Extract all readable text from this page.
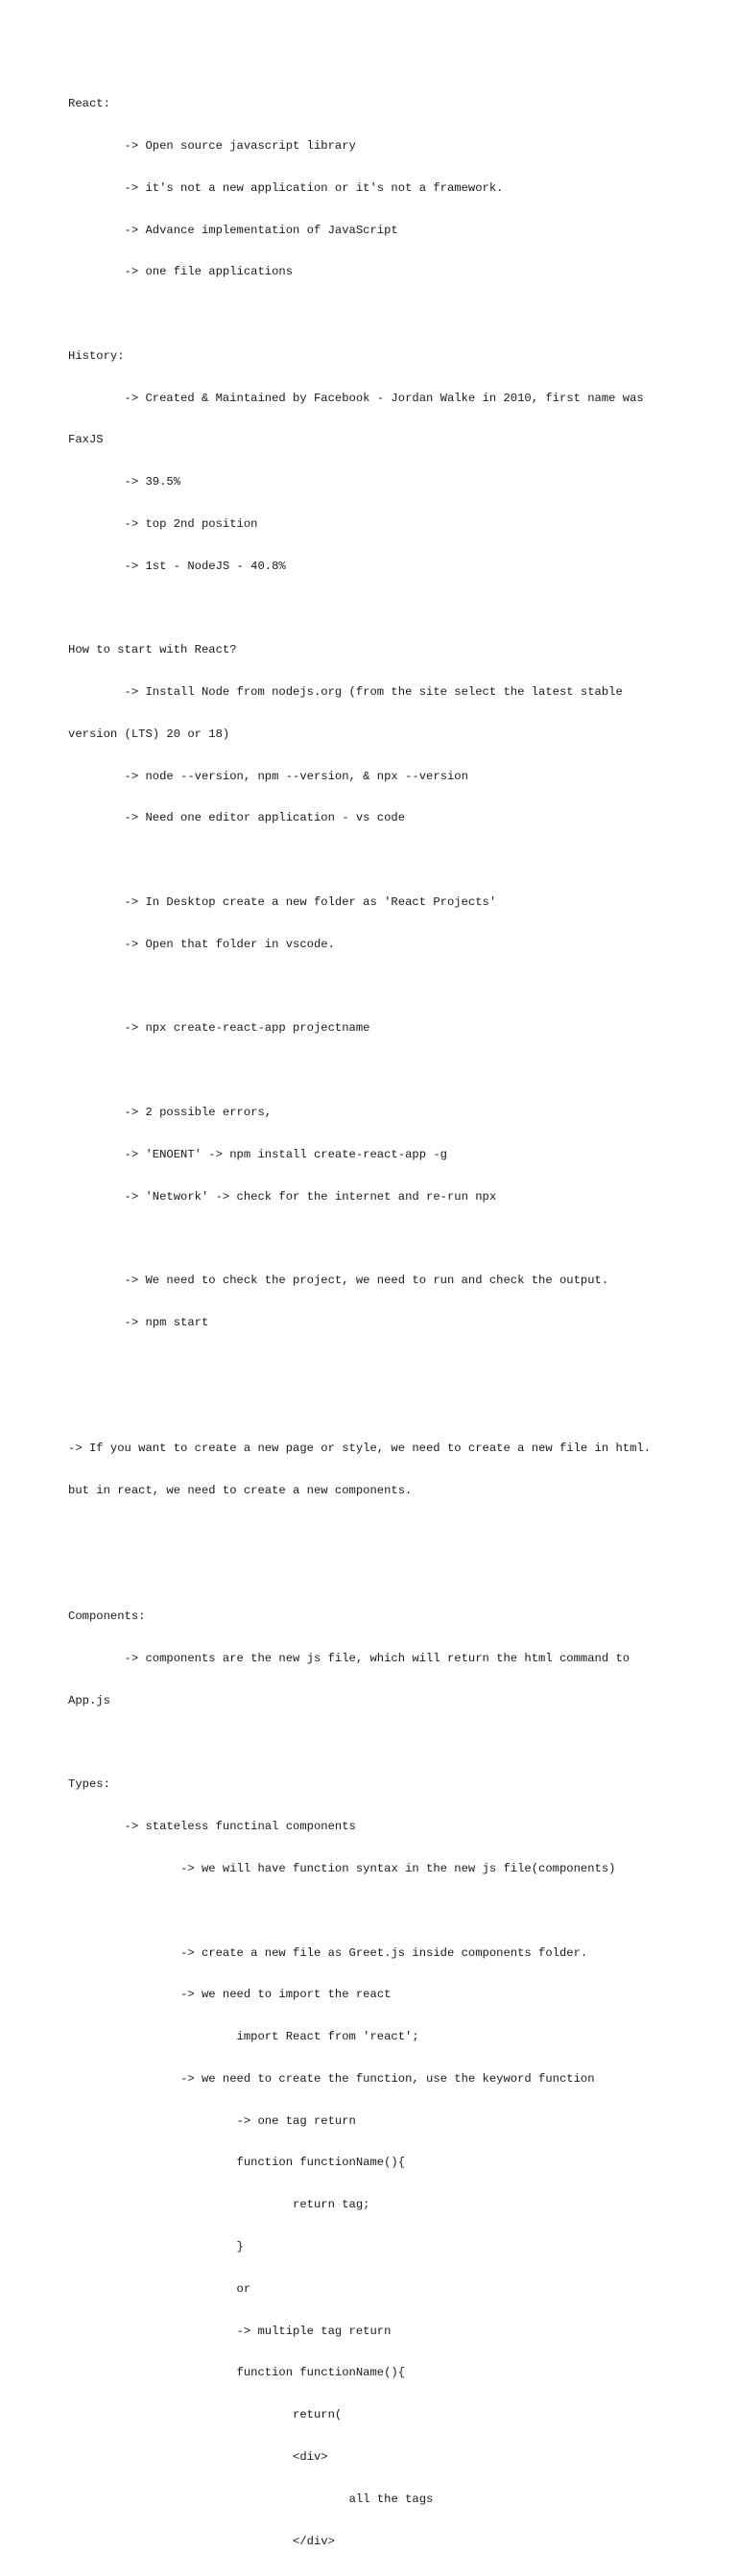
React:

	-> Open source javascript library

	-> it's not a new application or it's not a framework.

	-> Advance implementation of JavaScript

	-> one file applications

History:

	-> Created & Maintained by Facebook - Jordan Walke in 2010, first name was

FaxJS

	-> 39.5%

	-> top 2nd position

	-> 1st - NodeJS - 40.8%

How to start with React?

	-> Install Node from nodejs.org (from the site select the latest stable

version (LTS) 20 or 18)

	-> node --version, npm --version, & npx --version

	-> Need one editor application - vs code

	-> In Desktop create a new folder as 'React Projects'

	-> Open that folder in vscode.

	-> npx create-react-app projectname

	-> 2 possible errors,

	-> 'ENOENT' -> npm install create-react-app -g

	-> 'Network' -> check for the internet and re-run npx

	-> We need to check the project, we need to run and check the output.

	-> npm start

-> If you want to create a new page or style, we need to create a new file in html.

but in react, we need to create a new components.

Components:

	-> components are the new js file, which will return the html command to

App.js

Types:

	-> stateless functinal components

		-> we will have function syntax in the new js file(components)

		-> create a new file as Greet.js inside components folder.

		-> we need to import the react

			import React from 'react';

		-> we need to create the function, use the keyword function

			-> one tag return

			function functionName(){

				return tag;

			}

			or

			-> multiple tag return

			function functionName(){

				return(

				<div>

					all the tags

				</div>
